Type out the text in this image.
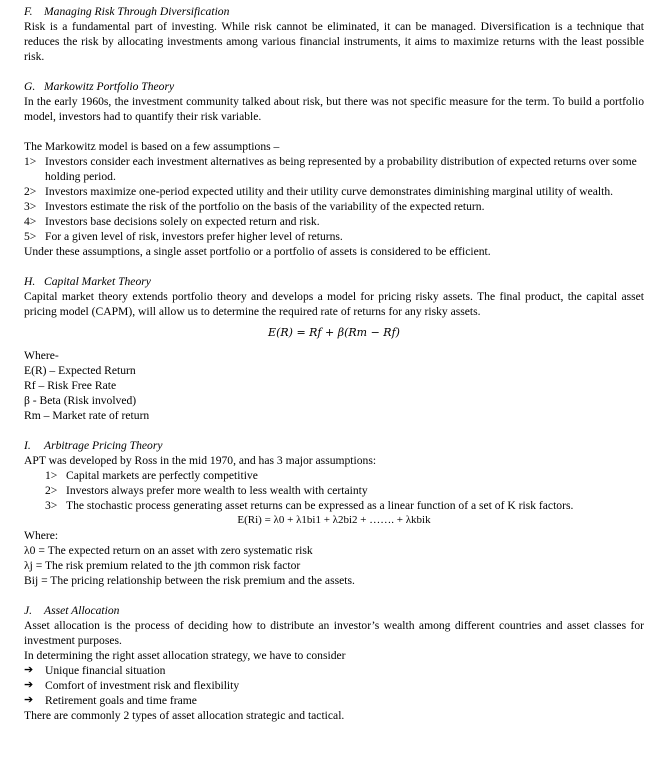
F. Managing Risk Through Diversification

Risk is a fundamental part of investing. While risk cannot be eliminated, it can be managed. Diversification is a technique that reduces the risk by allocating investments among various financial instruments, it aims to maximize returns with the least possible risk.

G. Markowitz Portfolio Theory

In the early 1960s, the investment community talked about risk, but there was not specific measure for the term. To build a portfolio model, investors had to quantify their risk variable.

The Markowitz model is based on a few assumptions –

1> Investors consider each investment alternatives as being represented by a probability distribution of expected returns over some holding period.
2> Investors maximize one-period expected utility and their utility curve demonstrates diminishing marginal utility of wealth.
3> Investors estimate the risk of the portfolio on the basis of the variability of the expected return.
4> Investors base decisions solely on expected return and risk.
5> For a given level of risk, investors prefer higher level of returns.

Under these assumptions, a single asset portfolio or a portfolio of assets is considered to be efficient.

H. Capital Market Theory

Capital market theory extends portfolio theory and develops a model for pricing risky assets. The final product, the capital asset pricing model (CAPM), will allow us to determine the required rate of returns for any risky assets.

E(R) = Rf + β(Rm − Rf)
Where-
E(R) – Expected Return
Rf – Risk Free Rate
β - Beta (Risk involved)
Rm – Market rate of return
I. Arbitrage Pricing Theory

APT was developed by Ross in the mid 1970, and has 3 major assumptions:

1> Capital markets are perfectly competitive
2> Investors always prefer more wealth to less wealth with certainty
3> The stochastic process generating asset returns can be expressed as a linear function of a set of K risk factors.
E(Ri) = λ0 + λ1bi1 + λ2bi2 + ……. + λkbik
Where:
λ0 = The expected return on an asset with zero systematic risk
λj = The risk premium related to the jth common risk factor
Bij = The pricing relationship between the risk premium and the assets.
J. Asset Allocation

Asset allocation is the process of deciding how to distribute an investor’s wealth among different countries and asset classes for investment purposes.

In determining the right asset allocation strategy, we have to consider

➔ Unique financial situation
➔ Comfort of investment risk and flexibility
➔ Retirement goals and time frame

There are commonly 2 types of asset allocation strategic and tactical.
